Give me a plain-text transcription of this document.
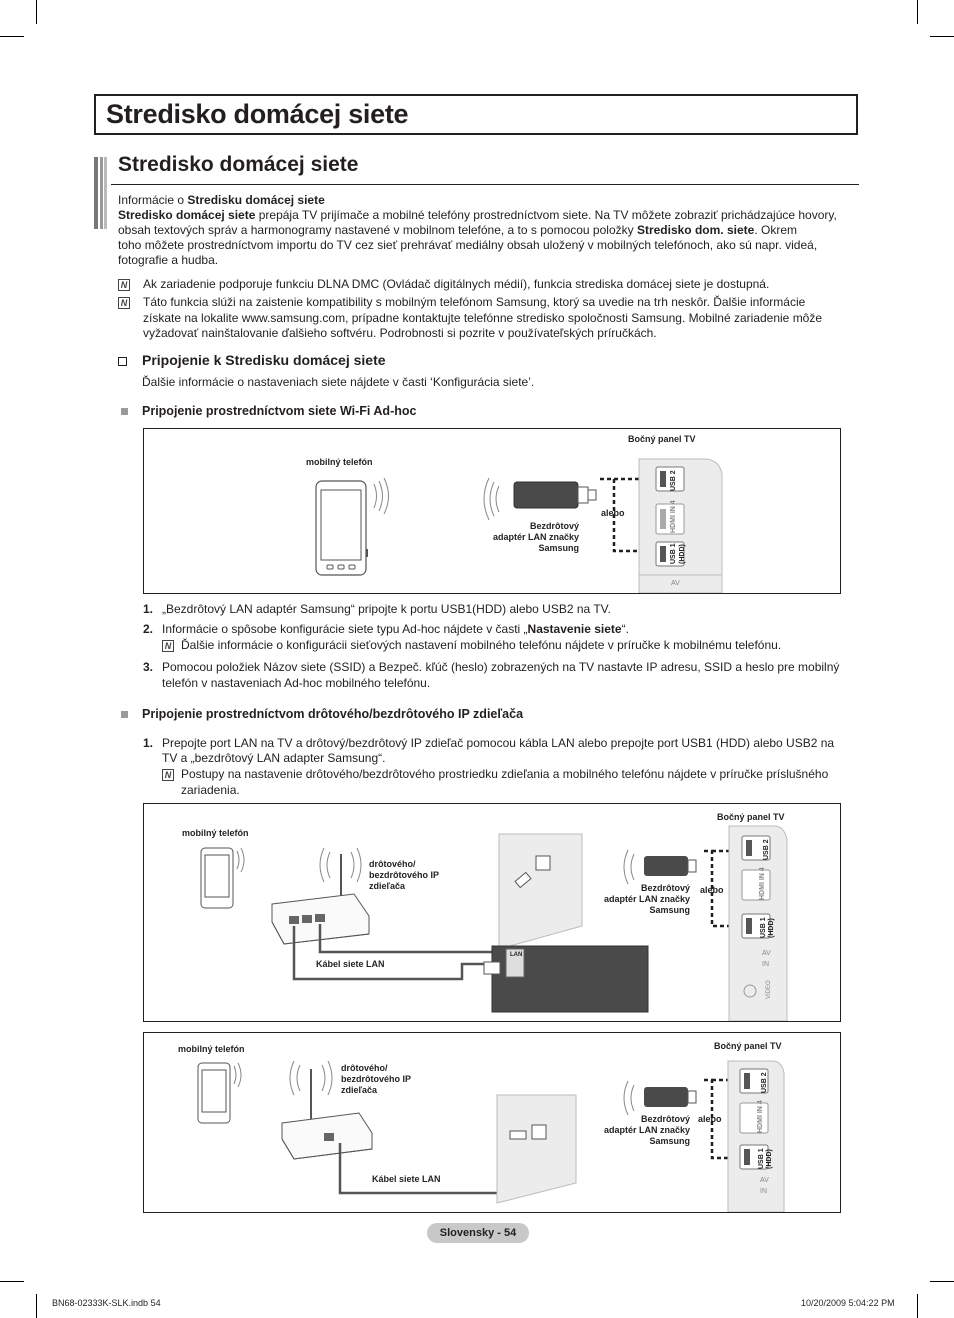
Stredisko domácej siete
Stredisko domácej siete
Informácie o Stredisku domácej siete
Stredisko domácej siete prepája TV prijímače a mobilné telefóny prostredníctvom siete. Na TV môžete zobraziť prichádzajúce hovory,
obsah textových správ a harmonogramy nastavené v mobilnom telefóne, a to s pomocou položky Stredisko dom. siete. Okrem
toho môžete prostredníctvom importu do TV cez sieť prehrávať mediálny obsah uložený v mobilných telefónoch, ako sú napr. videá,
fotografie a hudba.
N Ak zariadenie podporuje funkciu DLNA DMC (Ovládač digitálnych médií), funkcia strediska domácej siete je dostupná.
N Táto funkcia slúži na zaistenie kompatibility s mobilným telefónom Samsung, ktorý sa uvedie na trh neskôr. Ďalšie informácie
získate na lokalite www.samsung.com, prípadne kontaktujte telefónne stredisko spoločnosti Samsung. Mobilné zariadenie môže
vyžadovať nainštalovanie ďalšieho softvéru. Podrobnosti si pozrite v používateľských príručkách.
Pripojenie k Stredisku domácej siete
Ďalšie informácie o nastaveniach siete nájdete v časti ‘Konfigurácia siete’.
Pripojenie prostredníctvom siete Wi-Fi Ad-hoc
mobilný telefón
Bočný panel TV
Bezdrôtový
adaptér LAN značky
Samsung
alebo
USB 2
HDMI IN 4
USB 1 (HDD)
AV
1. „Bezdrôtový LAN adaptér Samsung“ pripojte k portu USB1(HDD) alebo USB2 na TV.
2. Informácie o spôsobe konfigurácie siete typu Ad-hoc nájdete v časti „Nastavenie siete“.
N Ďalšie informácie o konfigurácii sieťových nastavení mobilného telefónu nájdete v príručke k mobilnému telefónu.
3. Pomocou položiek Názov siete (SSID) a Bezpeč. kľúč (heslo) zobrazených na TV nastavte IP adresu, SSID a heslo pre mobilný
telefón v nastaveniach Ad-hoc mobilného telefónu.
Pripojenie prostredníctvom drôtového/bezdrôtového IP zdieľača
1. Prepojte port LAN na TV a drôtový/bezdrôtový IP zdieľač pomocou kábla LAN alebo prepojte port USB1 (HDD) alebo USB2 na
TV a „bezdrôtový LAN adapter Samsung“.
N Postupy na nastavenie drôtového/bezdrôtového prostriedku zdieľania a mobilného telefónu nájdete v príručke príslušného
zariadenia.
mobilný telefón
Bočný panel TV
drôtového/
bezdrôtového IP
zdieľača
Kábel siete LAN
Bezdrôtový
adaptér LAN značky
Samsung
alebo
LAN
USB 2
HDMI IN 4
USB 1 (HDD)
AV IN
VIDEO
mobilný telefón	Bočný panel TV
drôtového/
bezdrôtového IP
zdieľača
Kábel siete LAN
Bezdrôtový
adaptér LAN značky
Samsung
alebo
USB 2
HDMI IN 4
USB 1 (HDD)
AV IN
Slovensky - 54
BN68-02333K-SLK.indb 54	10/20/2009 5:04:22 PM
